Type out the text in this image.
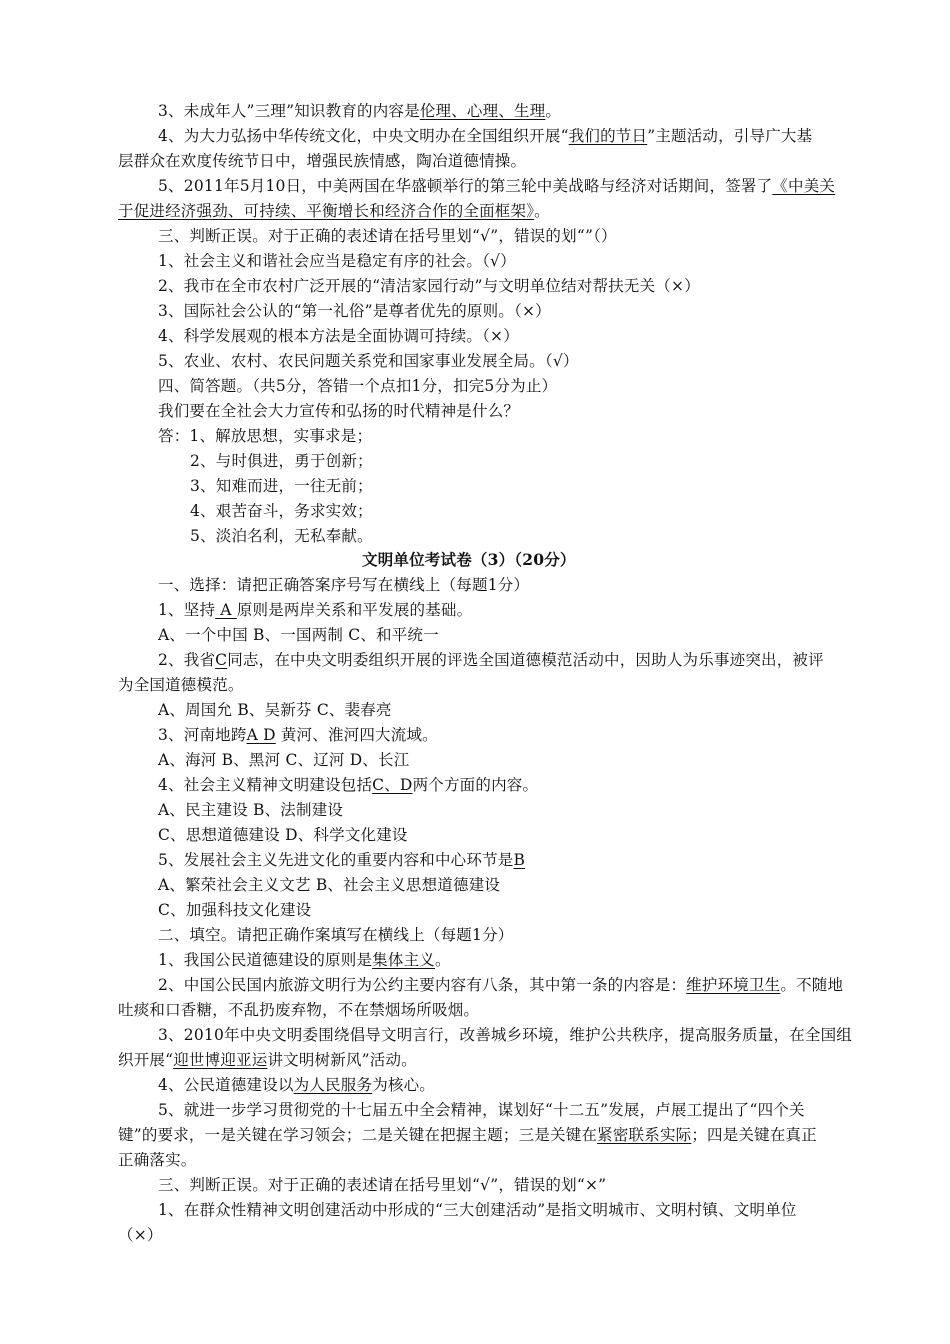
3、未成年人”三理”知识教育的内容是伦理、心理、生理。
4、为大力弘扬中华传统文化，中央文明办在全国组织开展“我们的节日”主题活动，引导广大基
层群众在欢度传统节日中，增强民族情感，陶冶道德情操。
5、2011年5月10日，中美两国在华盛顿举行的第三轮中美战略与经济对话期间，签署了《中美关
于促进经济强劲、可持续、平衡增长和经济合作的全面框架》。
三、判断正误。对于正确的表述请在括号里划“√”，错误的划“”（）
1、社会主义和谐社会应当是稳定有序的社会。（√）
2、我市在全市农村广泛开展的“清洁家园行动”与文明单位结对帮扶无关（×）
3、国际社会公认的“第一礼俗”是尊者优先的原则。（×）
4、科学发展观的根本方法是全面协调可持续。（×）
5、农业、农村、农民问题关系党和国家事业发展全局。（√）
四、简答题。（共5分，答错一个点扣1分，扣完5分为止）
我们要在全社会大力宣传和弘扬的时代精神是什么？
答：1、解放思想，实事求是；
2、与时俱进，勇于创新；
3、知难而进，一往无前；
4、艰苦奋斗，务求实效；
5、淡泊名利，无私奉献。
文明单位考试卷（3）（20分）
一、选择：请把正确答案序号写在横线上（每题1分）
1、坚持 A 原则是两岸关系和平发展的基础。
A、一个中国 B、一国两制 C、和平统一
2、我省C同志，在中央文明委组织开展的评选全国道德模范活动中，因助人为乐事迹突出，被评
为全国道德模范。
A、周国允 B、吴新芬 C、裴春亮
3、河南地跨A D 黄河、淮河四大流域。
A、海河 B、黑河 C、辽河 D、长江
4、社会主义精神文明建设包括C、D两个方面的内容。
A、民主建设 B、法制建设
C、思想道德建设 D、科学文化建设
5、发展社会主义先进文化的重要内容和中心环节是B
A、繁荣社会主义文艺 B、社会主义思想道德建设
C、加强科技文化建设
二、填空。请把正确作案填写在横线上（每题1分）
1、我国公民道德建设的原则是集体主义。
2、中国公民国内旅游文明行为公约主要内容有八条，其中第一条的内容是：维护环境卫生。不随地
吐痰和口香糖，不乱扔废弃物，不在禁烟场所吸烟。
3、2010年中央文明委围绕倡导文明言行，改善城乡环境，维护公共秩序，提高服务质量，在全国组
织开展“迎世博迎亚运讲文明树新风”活动。
4、公民道德建设以为人民服务为核心。
5、就进一步学习贯彻党的十七届五中全会精神，谋划好“十二五”发展，卢展工提出了“四个关
键”的要求，一是关键在学习领会；二是关键在把握主题；三是关键在紧密联系实际；四是关键在真正
正确落实。
三、判断正误。对于正确的表述请在括号里划“√”，错误的划“×”
1、在群众性精神文明创建活动中形成的“三大创建活动”是指文明城市、文明村镇、文明单位
（×）
